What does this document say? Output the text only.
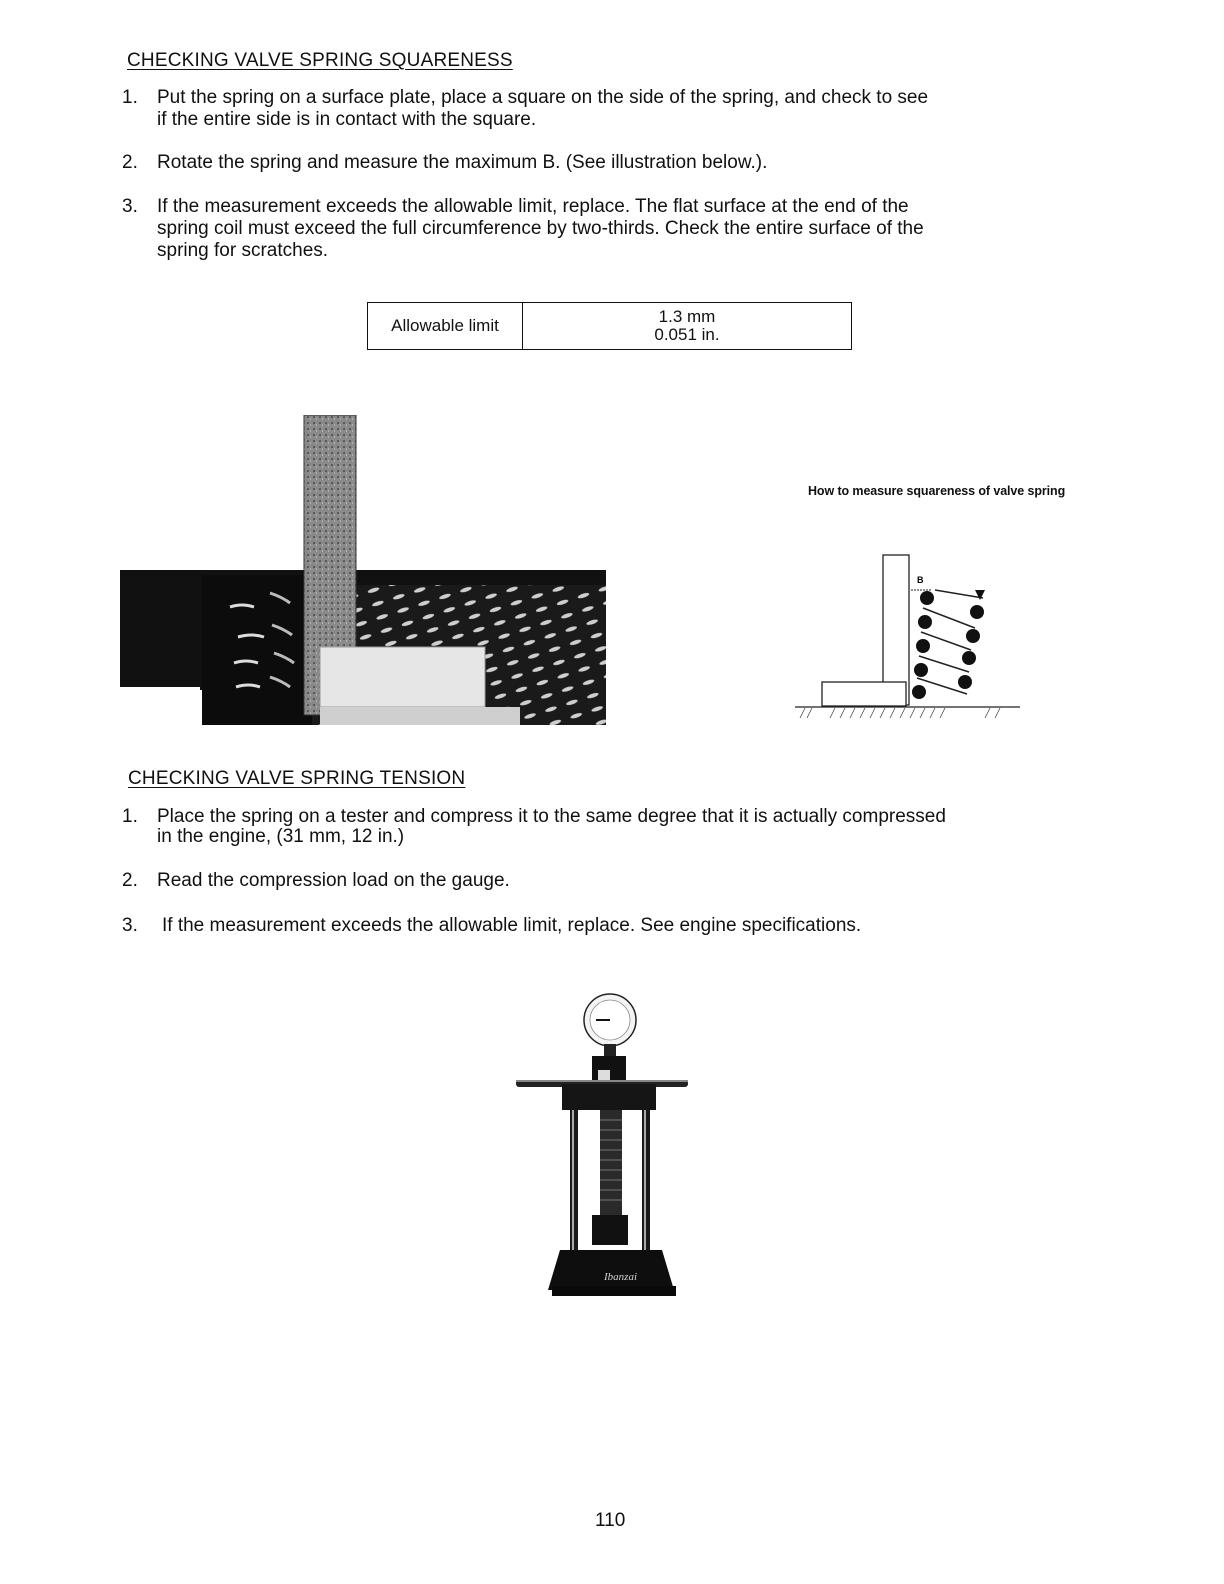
CHECKING VALVE SPRING SQUARENESS
1. Put the spring on a surface plate, place a square on the side of the spring, and check to see
if the entire side is in contact with the square.
2. Rotate the spring and measure the maximum B. (See illustration below.).
3. If the measurement exceeds the allowable limit, replace. The flat surface at the end of the
spring coil must exceed the full circumference by two-thirds. Check the entire surface of the
spring for scratches.
Allowable limit	1.3 mm
0.051 in.
How to measure squareness of valve spring
B
CHECKING VALVE SPRING TENSION
1. Place the spring on a tester and compress it to the same degree that it is actually compressed
in the engine, (31 mm, 12 in.)
2. Read the compression load on the gauge.
3. If the measurement exceeds the allowable limit, replace. See engine specifications.
Ibanzai
110
